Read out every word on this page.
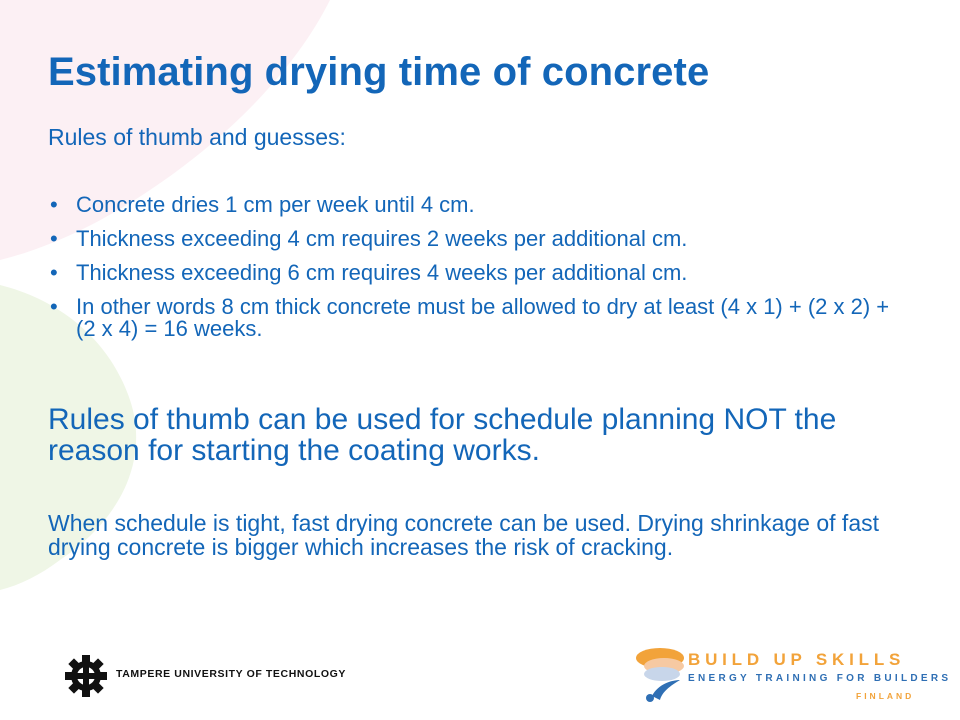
Estimating drying time of concrete
Rules of thumb and guesses:
• Concrete dries 1 cm per week until 4 cm.
• Thickness exceeding 4 cm requires 2 weeks per additional cm.
• Thickness exceeding 6 cm requires 4 weeks per additional cm.
• In other words 8 cm thick concrete must be allowed to dry at least (4 x 1) + (2 x 2) + (2 x 4) = 16 weeks.
Rules of thumb can be used for schedule planning NOT the reason for starting the coating works.
When schedule is tight, fast drying concrete can be used. Drying shrinkage of fast drying concrete is bigger which increases the risk of cracking.
TAMPERE UNIVERSITY OF TECHNOLOGY
BUILD UP SKILLS
ENERGY TRAINING FOR BUILDERS
FINLAND
